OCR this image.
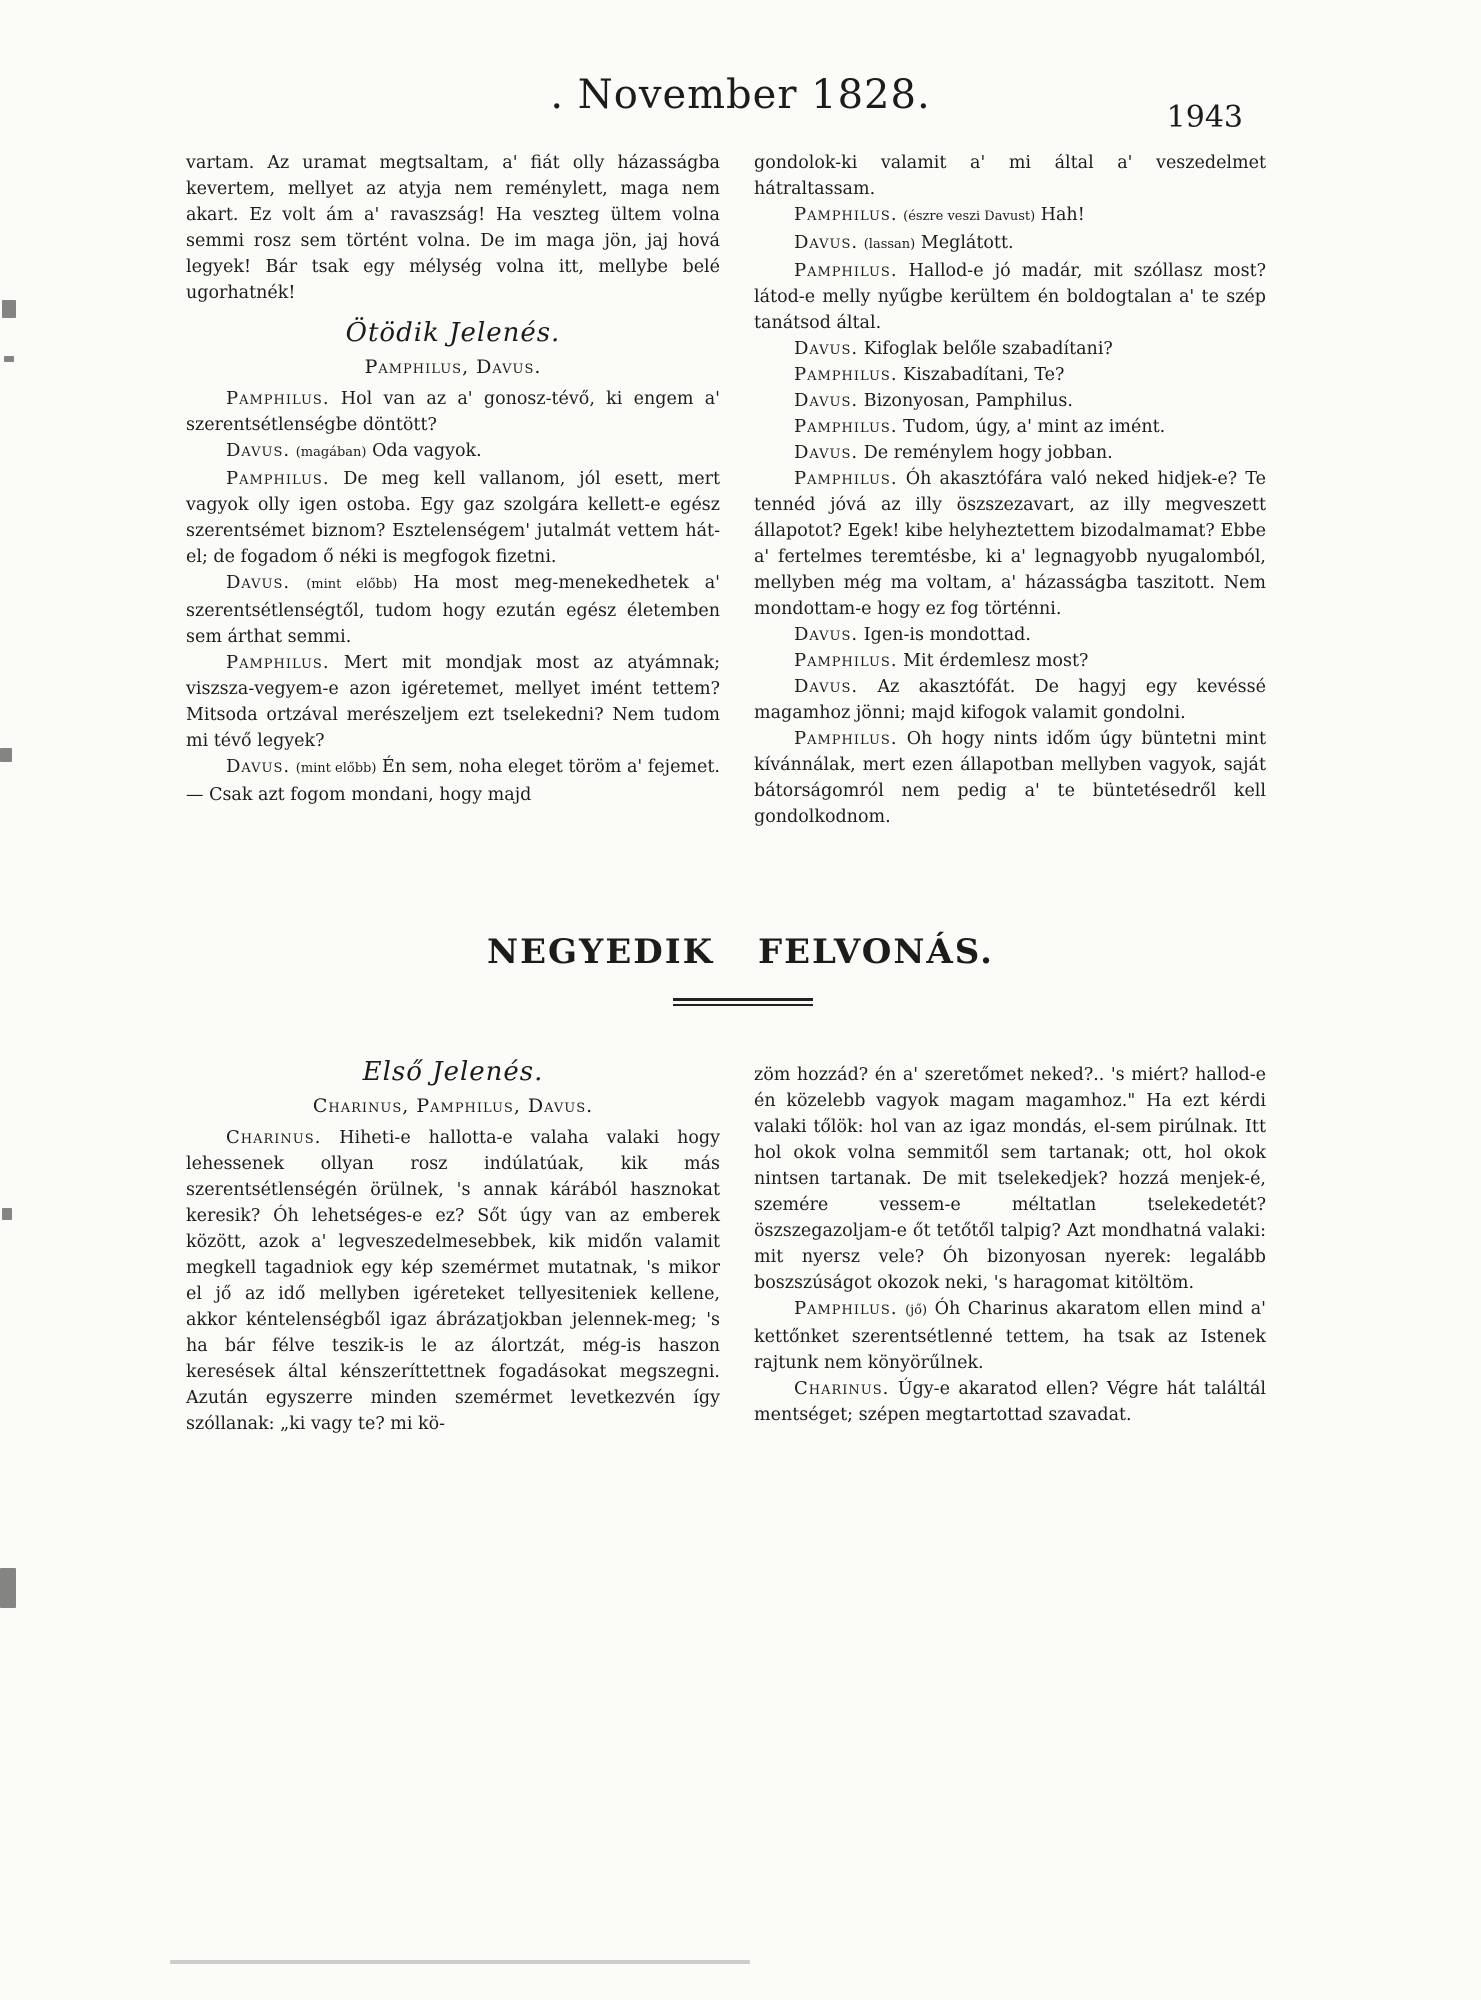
. November 1828.	1943

vartam. Az uramat megtsaltam, a' fiát olly házasságba kevertem, mellyet az atyja nem reménylett, maga nem akart. Ez volt ám a' ravaszság! Ha veszteg ültem volna semmi rosz sem történt volna. De im maga jön, jaj hová legyek! Bár tsak egy mélység volna itt, mellybe belé ugorhatnék!

Ötödik Jelenés.
Pamphilus, Davus.

Pamphilus. Hol van az a' gonosz-tévő, ki engem a' szerentsétlenségbe döntött?

Davus. (magában) Oda vagyok.

Pamphilus. De meg kell vallanom, jól esett, mert vagyok olly igen ostoba. Egy gaz szolgára kellett-e egész szerentsémet biznom? Esztelenségem' jutalmát vettem hát-el; de fogadom ő néki is megfogok fizetni.

Davus. (mint előbb) Ha most meg-menekedhetek a' szerentsétlenségtől, tudom hogy ezután egész életemben sem árthat semmi.

Pamphilus. Mert mit mondjak most az atyámnak; viszsza-vegyem-e azon igéretemet, mellyet imént tettem? Mitsoda ortzával merészeljem ezt tselekedni? Nem tudom mi tévő legyek?

Davus. (mint előbb) Én sem, noha eleget töröm a' fejemet. — Csak azt fogom mondani, hogy majd

gondolok-ki valamit a' mi által a' veszedelmet hátraltassam.

Pamphilus. (észre veszi Davust) Hah!

Davus. (lassan) Meglátott.

Pamphilus. Hallod-e jó madár, mit szóllasz most? látod-e melly nyűgbe kerültem én boldogtalan a' te szép tanátsod által.

Davus. Kifoglak belőle szabadítani?

Pamphilus. Kiszabadítani, Te?

Davus. Bizonyosan, Pamphilus.

Pamphilus. Tudom, úgy, a' mint az imént.

Davus. De reménylem hogy jobban.

Pamphilus. Óh akasztófára való neked hidjek-e? Te tennéd jóvá az illy öszszezavart, az illy megveszett állapotot? Egek! kibe helyheztettem bizodalmamat? Ebbe a' fertelmes teremtésbe, ki a' legnagyobb nyugalomból, mellyben még ma voltam, a' házasságba taszitott. Nem mondottam-e hogy ez fog történni.

Davus. Igen-is mondottad.

Pamphilus. Mit érdemlesz most?

Davus. Az akasztófát. De hagyj egy kevéssé magamhoz jönni; majd kifogok valamit gondolni.

Pamphilus. Oh hogy nints időm úgy büntetni mint kívánnálak, mert ezen állapotban mellyben vagyok, saját bátorságomról nem pedig a' te büntetésedről kell gondolkodnom.

NEGYEDIK FELVONÁS.
Első Jelenés.
Charinus, Pamphilus, Davus.

Charinus. Hiheti-e hallotta-e valaha valaki hogy lehessenek ollyan rosz indúlatúak, kik más szerentsétlenségén örülnek, 's annak kárából hasznokat keresik? Óh lehetséges-e ez? Sőt úgy van az emberek között, azok a' legveszedelmesebbek, kik midőn valamit megkell tagadniok egy kép szemérmet mutatnak, 's mikor el jő az idő mellyben igéreteket tellyesiteniek kellene, akkor kéntelenségből igaz ábrázatjokban jelennek-meg; 's ha bár félve teszik-is le az álortzát, még-is haszon keresések által kénszeríttettnek fogadásokat megszegni. Azután egyszerre minden szemérmet levetkezvén így szóllanak: „ki vagy te? mi kö-

zöm hozzád? én a' szeretőmet neked?.. 's miért? hallod-e én közelebb vagyok magam magamhoz." Ha ezt kérdi valaki tőlök: hol van az igaz mondás, el-sem pirúlnak. Itt hol okok volna semmitől sem tartanak; ott, hol okok nintsen tartanak. De mit tselekedjek? hozzá menjek-é, szemére vessem-e méltatlan tselekedetét? öszszegazoljam-e őt tetőtől talpig? Azt mondhatná valaki: mit nyersz vele? Óh bizonyosan nyerek: legalább boszszúságot okozok neki, 's haragomat kitöltöm.

Pamphilus. (jő) Óh Charinus akaratom ellen mind a' kettőnket szerentsétlenné tettem, ha tsak az Istenek rajtunk nem könyörűlnek.

Charinus. Úgy-e akaratod ellen? Végre hát találtál mentséget; szépen megtartottad szavadat.
